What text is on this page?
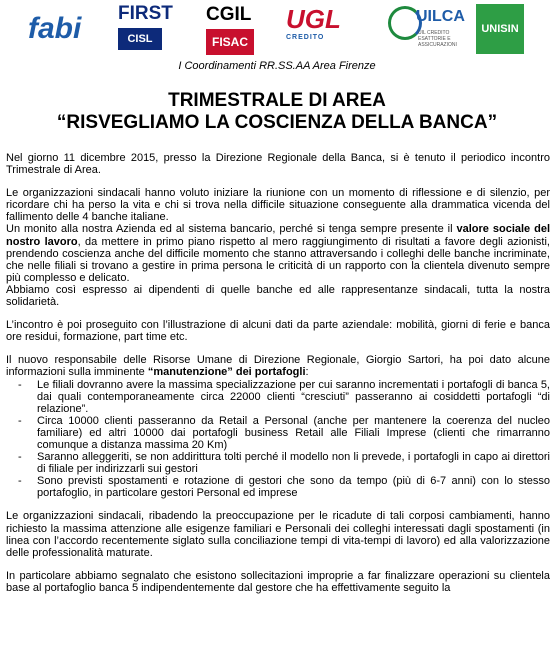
fabi	FIRST
CISL
CGIL
FISAC
UGL
CREDITO
UILCA
UIL CREDITO ESATTORIE E ASSICURAZIONI
UNISIN
I Coordinamenti RR.SS.AA Area Firenze
TRIMESTRALE DI AREA
“RISVEGLIAMO LA COSCIENZA DELLA BANCA”

Nel giorno 11 dicembre 2015, presso la Direzione Regionale della Banca, si è tenuto il periodico incontro Trimestrale di Area.

Le organizzazioni sindacali hanno voluto iniziare la riunione con un momento di riflessione e di silenzio, per ricordare chi ha perso la vita e chi si trova nella difficile situazione conseguente alla drammatica vicenda del fallimento delle 4 banche italiane.

Un monito alla nostra Azienda ed al sistema bancario, perché si tenga sempre presente il valore sociale del nostro lavoro, da mettere in primo piano rispetto al mero raggiungimento di risultati a favore degli azionisti, prendendo coscienza anche del difficile momento che stanno attraversando i colleghi delle banche incriminate, che nelle filiali si trovano a gestire in prima persona le criticità di un rapporto con la clientela divenuto sempre più complesso e delicato.

Abbiamo così espresso ai dipendenti di quelle banche ed alle rappresentanze sindacali, tutta la nostra solidarietà.

L’incontro è poi proseguito con l’illustrazione di alcuni dati da parte aziendale: mobilità, giorni di ferie e banca ore residui, formazione, part time etc.

Il nuovo responsabile delle Risorse Umane di Direzione Regionale, Giorgio Sartori, ha poi dato alcune informazioni sulla imminente “manutenzione” dei portafogli:

- Le filiali dovranno avere la massima specializzazione per cui saranno incrementati i portafogli di banca 5, dai quali contemporaneamente circa 22000 clienti “cresciuti” passeranno ai cosiddetti portafogli “di relazione”.
- Circa 10000 clienti passeranno da Retail a Personal (anche per mantenere la coerenza del nucleo familiare) ed altri 10000 dai portafogli business Retail alle Filiali Imprese (clienti che rimarranno comunque a distanza massima 20 Km)
- Saranno alleggeriti, se non addirittura tolti perché il modello non li prevede, i portafogli in capo ai direttori di filiale per indirizzarli sui gestori
- Sono previsti spostamenti e rotazione di gestori che sono da tempo (più di 6-7 anni) con lo stesso portafoglio, in particolare gestori Personal ed imprese

Le organizzazioni sindacali, ribadendo la preoccupazione per le ricadute di tali corposi cambiamenti, hanno richiesto la massima attenzione alle esigenze familiari e Personali dei colleghi interessati dagli spostamenti (in linea con l’accordo recentemente siglato sulla conciliazione tempi di vita-tempi di lavoro) ed alla valorizzazione delle professionalità maturate.

In particolare abbiamo segnalato che esistono sollecitazioni improprie a far finalizzare operazioni su clientela base al portafoglio banca 5 indipendentemente dal gestore che ha effettivamente seguito la
